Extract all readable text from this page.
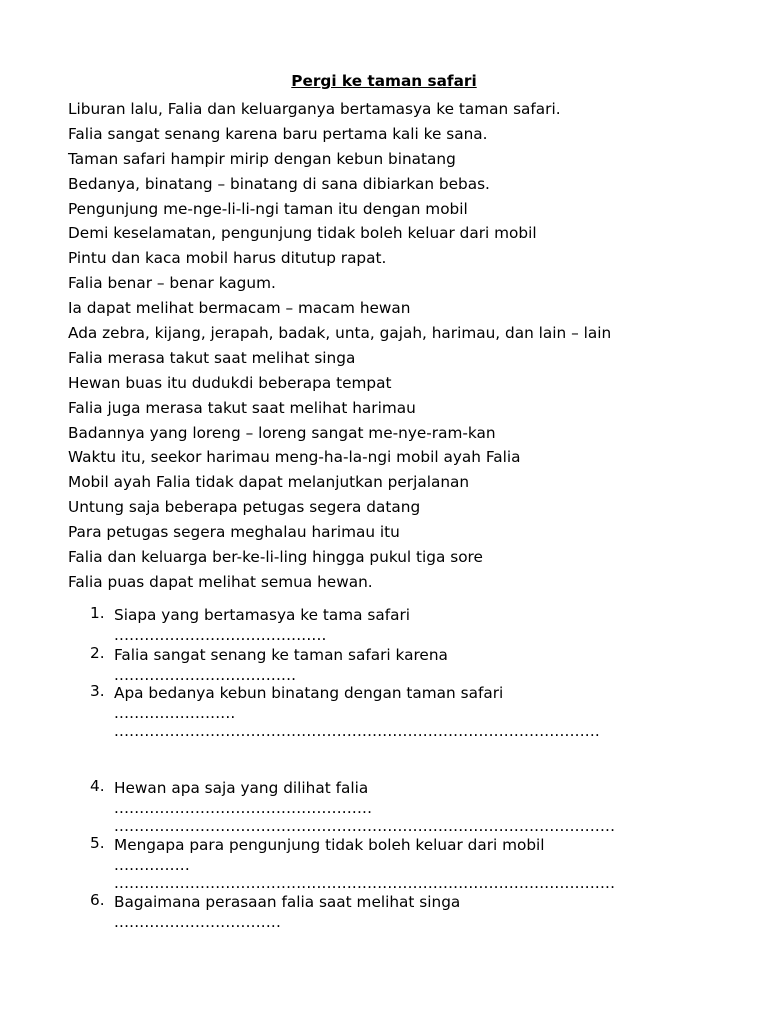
Pergi ke taman safari
Liburan lalu, Falia dan keluarganya bertamasya ke taman safari.
Falia sangat senang karena baru pertama kali ke sana.
Taman safari hampir mirip dengan kebun binatang
Bedanya, binatang – binatang di sana dibiarkan bebas.
Pengunjung me-nge-li-li-ngi taman itu dengan mobil
Demi keselamatan, pengunjung tidak boleh keluar dari mobil
Pintu dan kaca mobil harus ditutup rapat.
Falia benar – benar kagum.
Ia dapat melihat bermacam – macam hewan
Ada zebra, kijang, jerapah, badak, unta, gajah, harimau, dan lain – lain
Falia merasa takut saat melihat singa
Hewan buas itu dudukdi beberapa tempat
Falia juga merasa takut saat melihat harimau
Badannya yang loreng – loreng sangat me-nye-ram-kan
Waktu itu, seekor harimau meng-ha-la-ngi mobil ayah Falia
Mobil ayah Falia tidak dapat melanjutkan perjalanan
Untung saja beberapa petugas segera datang
Para petugas segera meghalau harimau itu
Falia dan keluarga ber-ke-li-ling hingga pukul tiga sore
Falia puas dapat melihat semua hewan.
1. Siapa yang bertamasya ke tama safari
..........................................
2. Falia sangat senang ke taman safari karena
....................................
3. Apa bedanya kebun binatang dengan taman safari
........................
................................................................................................
4. Hewan apa saja yang dilihat falia
...................................................
...................................................................................................
5. Mengapa para pengunjung tidak boleh keluar dari mobil
...............
...................................................................................................
6. Bagaimana perasaan falia saat melihat singa
.................................
